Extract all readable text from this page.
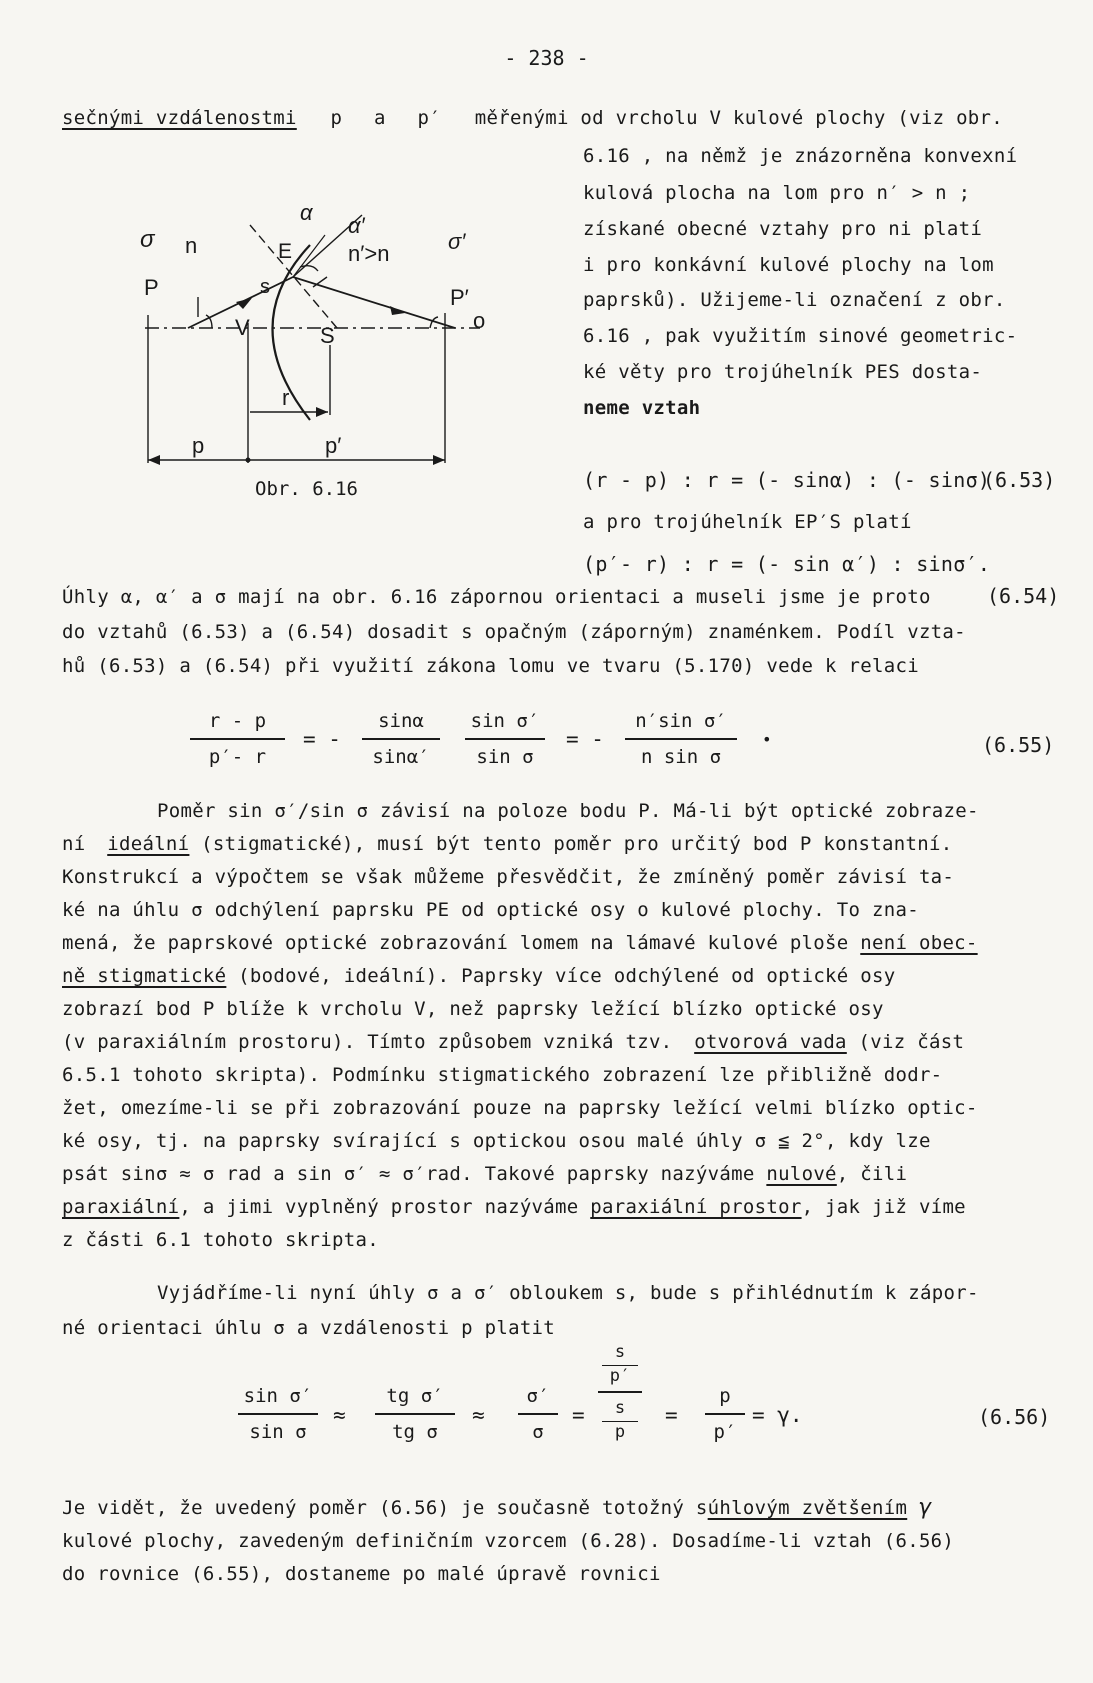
- 238 -
sečnými vzdálenostmi p a p′ měřenými od vrcholu V kulové plochy (viz obr.
6.16 , na němž je znázorněna konvexní
kulová plocha na lom pro n′ > n ;
získané obecné vztahy pro ni platí
i pro konkávní kulové plochy na lom
paprsků). Užijeme-li označení z obr.
6.16 , pak využitím sinové geometric-
ké věty pro trojúhelník PES dosta-
neme vztah
(r - p) : r = (- sinα) : (- sinσ)
(6.53)
a pro trojúhelník EP′S platí
(p′- r) : r = (- sin α′) : sinσ′.
(6.54)
σ n
α
α′
E
s
n′>n	σ′
P	P′
V	S
o
r
p	p′
Obr. 6.16
Úhly α, α′ a σ mají na obr. 6.16 zápornou orientaci a museli jsme je proto
do vztahů (6.53) a (6.54) dosadit s opačným (záporným) znaménkem. Podíl vzta-
hů (6.53) a (6.54) při využití zákona lomu ve tvaru (5.170) vede k relaci
r - p
p′- r
= -
sinα
sinα′
sin σ′
sin σ
= -
n′sin σ′
n sin σ
•	(6.55)
Poměr sin σ′/sin σ závisí na poloze bodu P. Má-li být optické zobraze-
ní ideální (stigmatické), musí být tento poměr pro určitý bod P konstantní.
Konstrukcí a výpočtem se však můžeme přesvědčit, že zmíněný poměr závisí ta-
ké na úhlu σ odchýlení paprsku PE od optické osy o kulové plochy. To zna-
mená, že paprskové optické zobrazování lomem na lámavé kulové ploše není obec-
ně stigmatické (bodové, ideální). Paprsky více odchýlené od optické osy
zobrazí bod P blíže k vrcholu V, než paprsky ležící blízko optické osy
(v paraxiálním prostoru). Tímto způsobem vzniká tzv. otvorová vada (viz část
6.5.1 tohoto skripta). Podmínku stigmatického zobrazení lze přibližně dodr-
žet, omezíme-li se při zobrazování pouze na paprsky ležící velmi blízko optic-
ké osy, tj. na paprsky svírající s optickou osou malé úhly σ ≦ 2°, kdy lze
psát sinσ ≈ σ rad a sin σ′ ≈ σ′rad. Takové paprsky nazýváme nulové, čili
paraxiální, a jimi vyplněný prostor nazýváme paraxiální prostor, jak již víme
z části 6.1 tohoto skripta.
Vyjádříme-li nyní úhly σ a σ′ obloukem s, bude s přihlédnutím k zápor-
né orientaci úhlu σ a vzdálenosti p platit
sin σ′
sin σ
≈
tg σ′
tg σ
≈
σ′
σ
=
s
p′
s
p
=
p
p′
= γ.	(6.56)
Je vidět, že uvedený poměr (6.56) je současně totožný súhlovým zvětšením γ
kulové plochy, zavedeným definičním vzorcem (6.28). Dosadíme-li vztah (6.56)
do rovnice (6.55), dostaneme po malé úpravě rovnici
